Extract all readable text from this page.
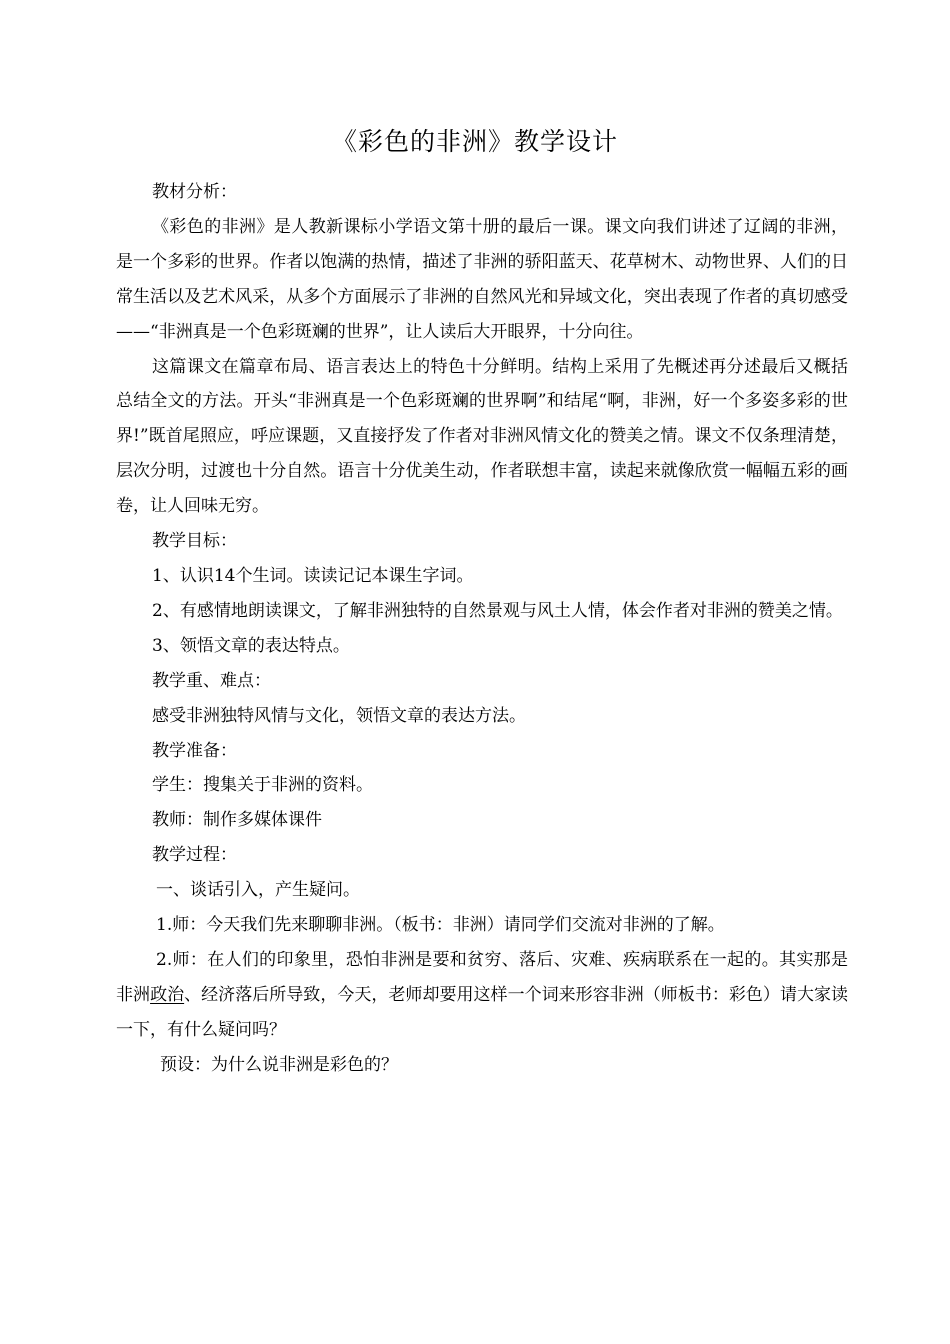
《彩色的非洲》教学设计

教材分析：

《彩色的非洲》是人教新课标小学语文第十册的最后一课。课文向我们讲述了辽阔的非洲，是一个多彩的世界。作者以饱满的热情，描述了非洲的骄阳蓝天、花草树木、动物世界、人们的日常生活以及艺术风采，从多个方面展示了非洲的自然风光和异域文化，突出表现了作者的真切感受——“非洲真是一个色彩斑斓的世界”，让人读后大开眼界，十分向往。

这篇课文在篇章布局、语言表达上的特色十分鲜明。结构上采用了先概述再分述最后又概括总结全文的方法。开头“非洲真是一个色彩斑斓的世界啊”和结尾“啊，非洲，好一个多姿多彩的世界!”既首尾照应，呼应课题，又直接抒发了作者对非洲风情文化的赞美之情。课文不仅条理清楚，层次分明，过渡也十分自然。语言十分优美生动，作者联想丰富，读起来就像欣赏一幅幅五彩的画卷，让人回味无穷。

教学目标：

1、认识14个生词。读读记记本课生字词。

2、有感情地朗读课文，了解非洲独特的自然景观与风土人情，体会作者对非洲的赞美之情。

3、领悟文章的表达特点。

教学重、难点：

感受非洲独特风情与文化，领悟文章的表达方法。

教学准备：

学生：搜集关于非洲的资料。

教师：制作多媒体课件

教学过程：

一、谈话引入，产生疑问。

1.师：今天我们先来聊聊非洲。（板书：非洲）请同学们交流对非洲的了解。

2.师：在人们的印象里，恐怕非洲是要和贫穷、落后、灾难、疾病联系在一起的。其实那是非洲政治、经济落后所导致，今天，老师却要用这样一个词来形容非洲（师板书：彩色）请大家读一下，有什么疑问吗？

预设：为什么说非洲是彩色的？
